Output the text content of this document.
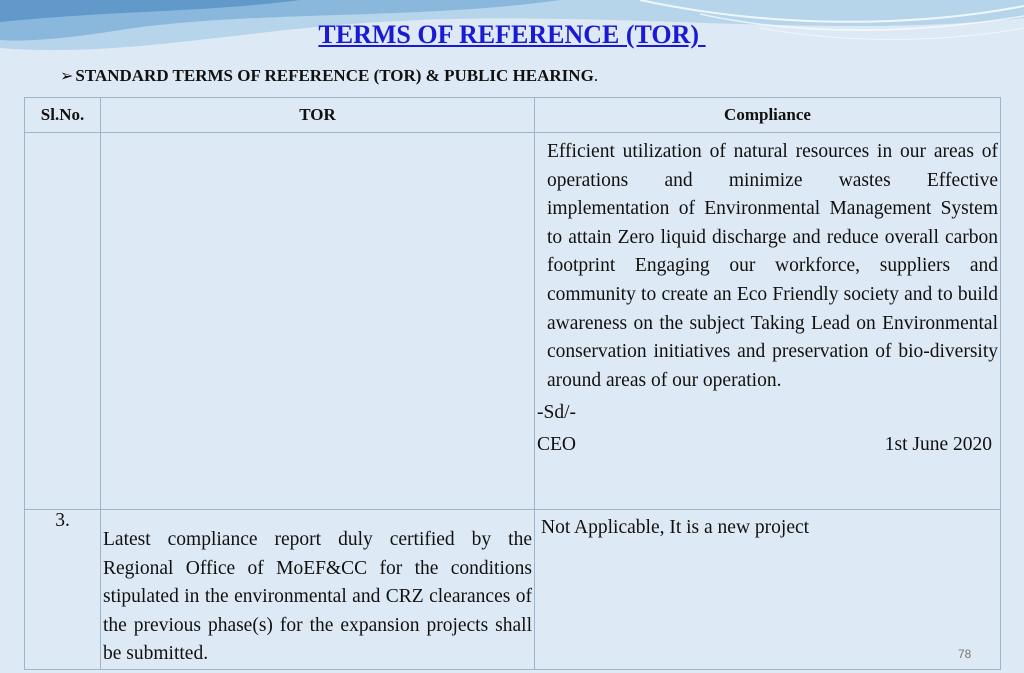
TERMS OF REFERENCE (TOR)
➢ STANDARD TERMS OF REFERENCE (TOR) & PUBLIC HEARING .
Sl.No.	TOR	Compliance

		Efficient utilization of natural resources in our areas of operations and minimize wastes Effective implementation of Environmental Management System to attain Zero liquid discharge and reduce overall carbon footprint Engaging our workforce, suppliers and community to create an Eco Friendly society and to build awareness on the subject Taking Lead on Environmental conservation initiatives and preservation of bio-diversity around areas of our operation.
-Sd/-
CEO 1st June 2020

3.	Latest compliance report duly certified by the Regional Office of MoEF&CC for the conditions stipulated in the environmental and CRZ clearances of the previous phase(s) for the expansion projects shall be submitted.	Not Applicable, It is a new project
78
